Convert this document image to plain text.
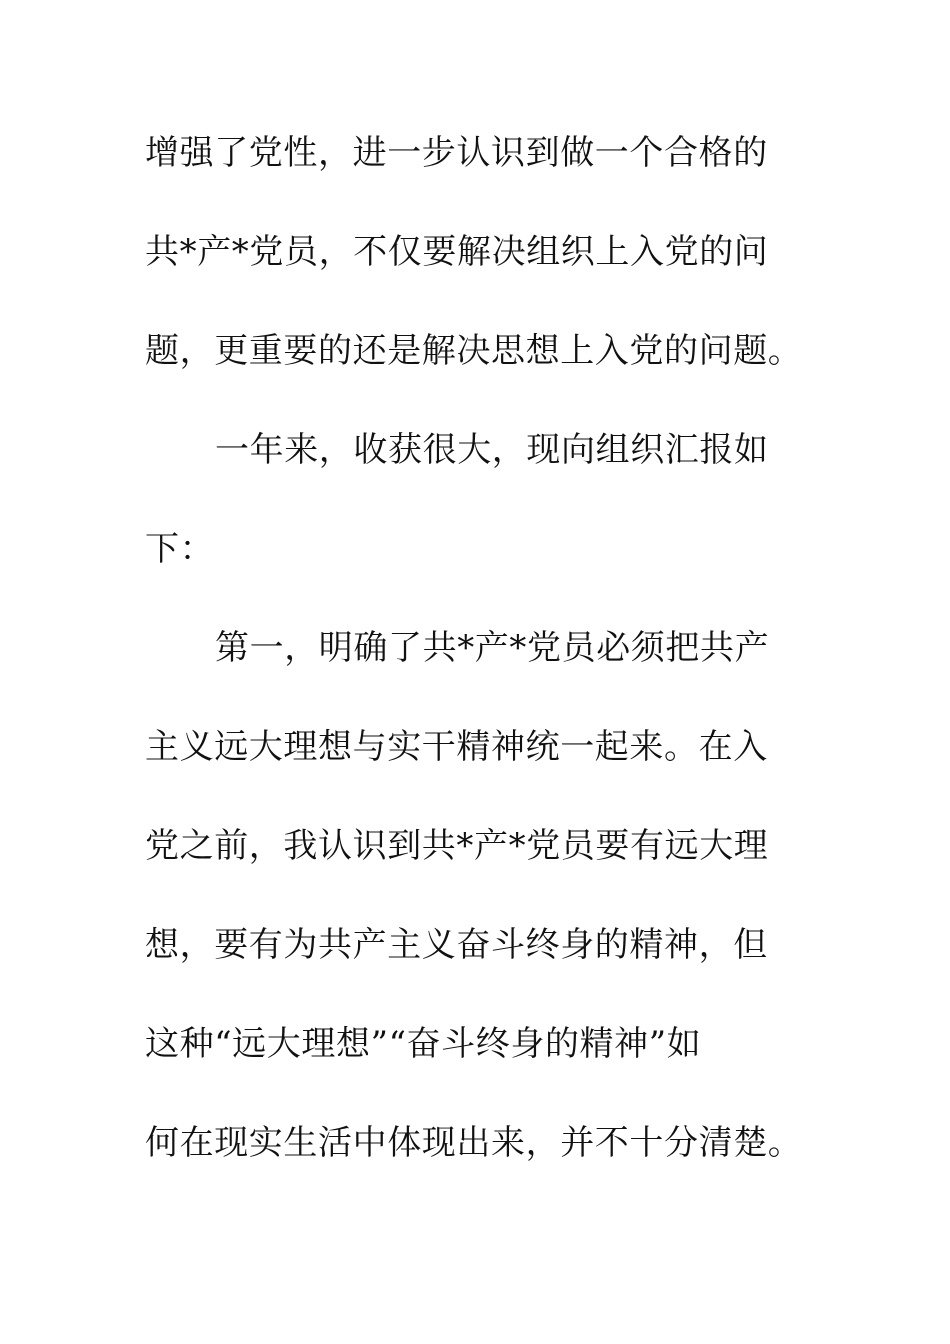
增强了党性，进一步认识到做一个合格的
共*产*党员，不仅要解决组织上入党的问
题，更重要的还是解决思想上入党的问题。
一年来，收获很大，现向组织汇报如
下：
第一，明确了共*产*党员必须把共产
主义远大理想与实干精神统一起来。在入
党之前，我认识到共*产*党员要有远大理
想，要有为共产主义奋斗终身的精神，但
这种“远大理想”“奋斗终身的精神”如
何在现实生活中体现出来，并不十分清楚。
